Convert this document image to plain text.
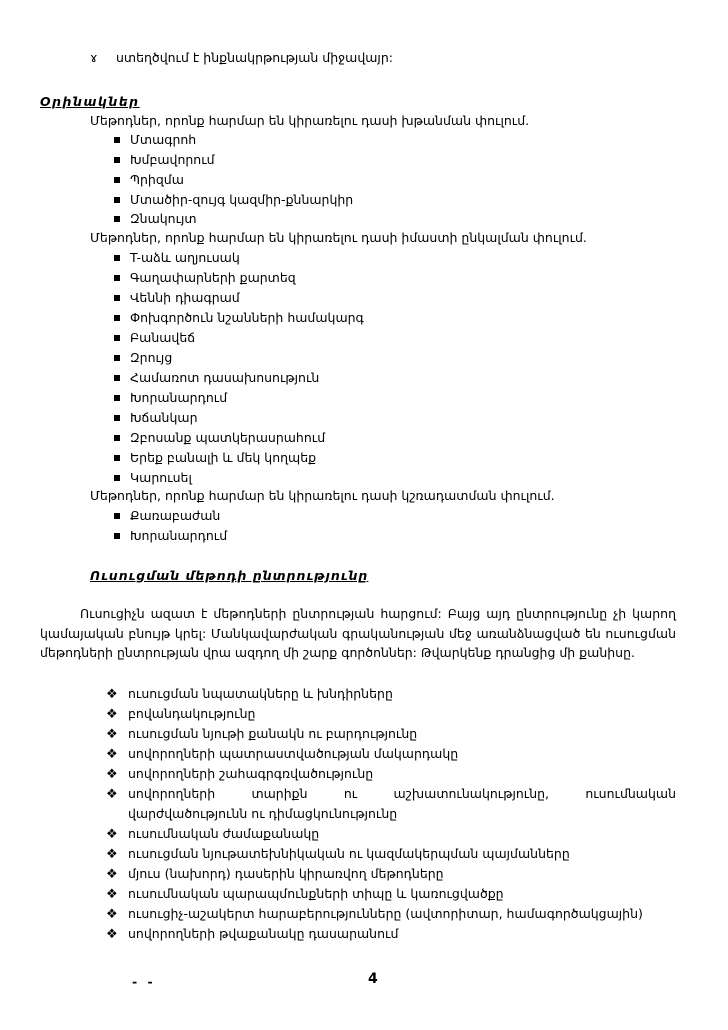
ɤ ստեղծվում է ինքնակրթության միջավայր:
Օրինակներ
Մեթոդներ, որոնք հարմար են կիրառելու դասի խթանման փուլում.
Մտագրոհ
Խմբավորում
Պրիզմա
Մտածիր-զույգ կազմիր-քննարկիր
Զնակույտ
Մեթոդներ, որոնք հարմար են կիրառելու դասի իմաստի ընկալման փուլում.
T-աձև աղյուսակ
Գաղափարների քարտեզ
Վեննի դիագրամ
Փոխգործուն նշանների համակարգ
Բանավեճ
Զրույց
Համառոտ դասախոսություն
Խորանարդում
Խճանկար
Զբոսանք պատկերասրահում
Երեք բանալի և մեկ կողպեք
Կարուսել
Մեթոդներ, որոնք հարմար են կիրառելու դասի կշռադատման փուլում.
Քառաբաժան
Խորանարդում
Ուսուցման մեթոդի ընտրությունը
Ուսուցիչն ազատ է մեթոդների ընտրության հարցում: Բայց այդ ընտրությունը չի կարող կամայական բնույթ կրել: Մանկավարժական գրականության մեջ առանձնացված են ուսուցման մեթոդների ընտրության վրա ազդող մի շարք գործոններ: Թվարկենք դրանցից մի քանիսը.
❖ ուսուցման նպատակները և խնդիրները
❖ բովանդակությունը
❖ ուսուցման նյութի քանակն ու բարդությունը
❖ սովորողների պատրաստվածության մակարդակը
❖ սովորողների շահագրգռվածությունը
❖ սովորողների	տարիքն	ու	աշխատունակությունը,	ուսումնական
վարժվածությունն ու դիմացկունությունը
❖ ուսումնական ժամաքանակը
❖ ուսուցման նյութատեխնիկական ու կազմակերպման պայմանները
❖ մյուս (նախորդ) դասերին կիրառվող մեթոդները
❖ ուսումնական պարապմունքների տիպը և կառուցվածքը
❖ ուսուցիչ-աշակերտ հարաբերությունները (ավտորիտար, համագործակցային)
❖ սովորողների թվաքանակը դասարանում
- -	4
